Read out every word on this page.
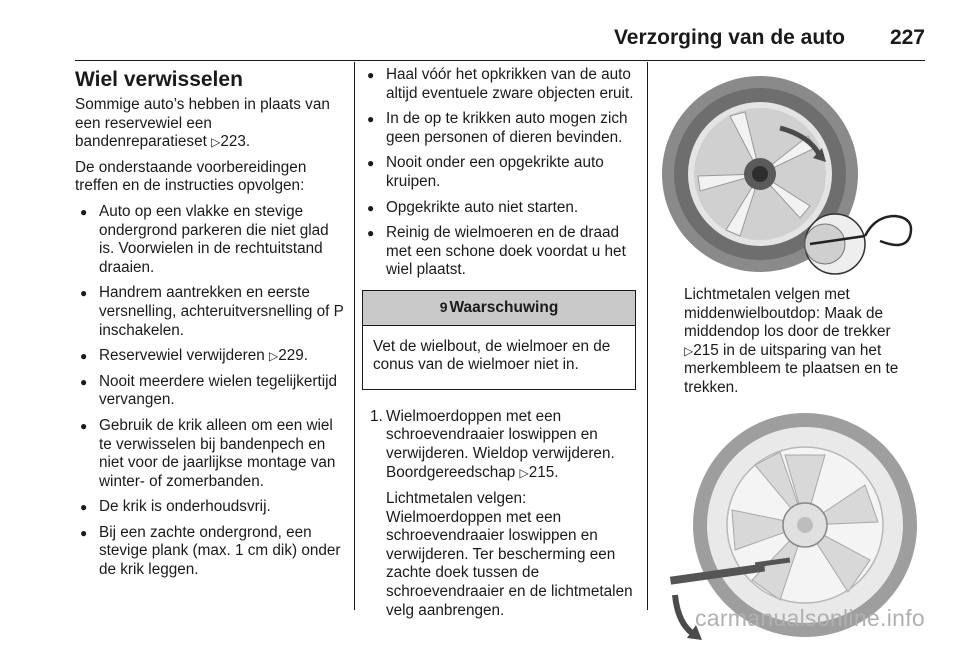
Verzorging van de auto 227
Wiel verwisselen

Sommige auto’s hebben in plaats van een reservewiel een bandenreparatieset ▷ 223.

De onderstaande voorbereidingen treffen en de instructies opvolgen:

● Auto op een vlakke en stevige ondergrond parkeren die niet glad is. Voorwielen in de rechtuitstand draaien.
● Handrem aantrekken en eerste versnelling, achteruitversnelling of P inschakelen.
● Reservewiel verwijderen ▷ 229.
● Nooit meerdere wielen tegelijkertijd vervangen.
● Gebruik de krik alleen om een wiel te verwisselen bij bandenpech en niet voor de jaarlijkse montage van winter- of zomerbanden.
● De krik is onderhoudsvrij.
● Bij een zachte ondergrond, een stevige plank (max. 1 cm dik) onder de krik leggen.
● Haal vóór het opkrikken van de auto altijd eventuele zware objecten eruit.
● In de op te krikken auto mogen zich geen personen of dieren bevinden.
● Nooit onder een opgekrikte auto kruipen.
● Opgekrikte auto niet starten.
● Reinig de wielmoeren en de draad met een schone doek voordat u het wiel plaatst.
9 Waarschuwing
Vet de wielbout, de wielmoer en de conus van de wielmoer niet in.
1. Wielmoerdoppen met een schroevendraaier loswippen en verwijderen. Wieldop verwijderen. Boordgereedschap ▷ 215.

Lichtmetalen velgen: Wielmoerdoppen met een schroevendraaier loswippen en verwijderen. Ter bescherming een zachte doek tussen de schroevendraaier en de lichtmetalen velg aanbrengen.

Lichtmetalen velgen met middenwielboutdop: Maak de middendop los door de trekker ▷ 215 in de uitsparing van het merkembleem te plaatsen en te trekken.

carmanualsonline.info
